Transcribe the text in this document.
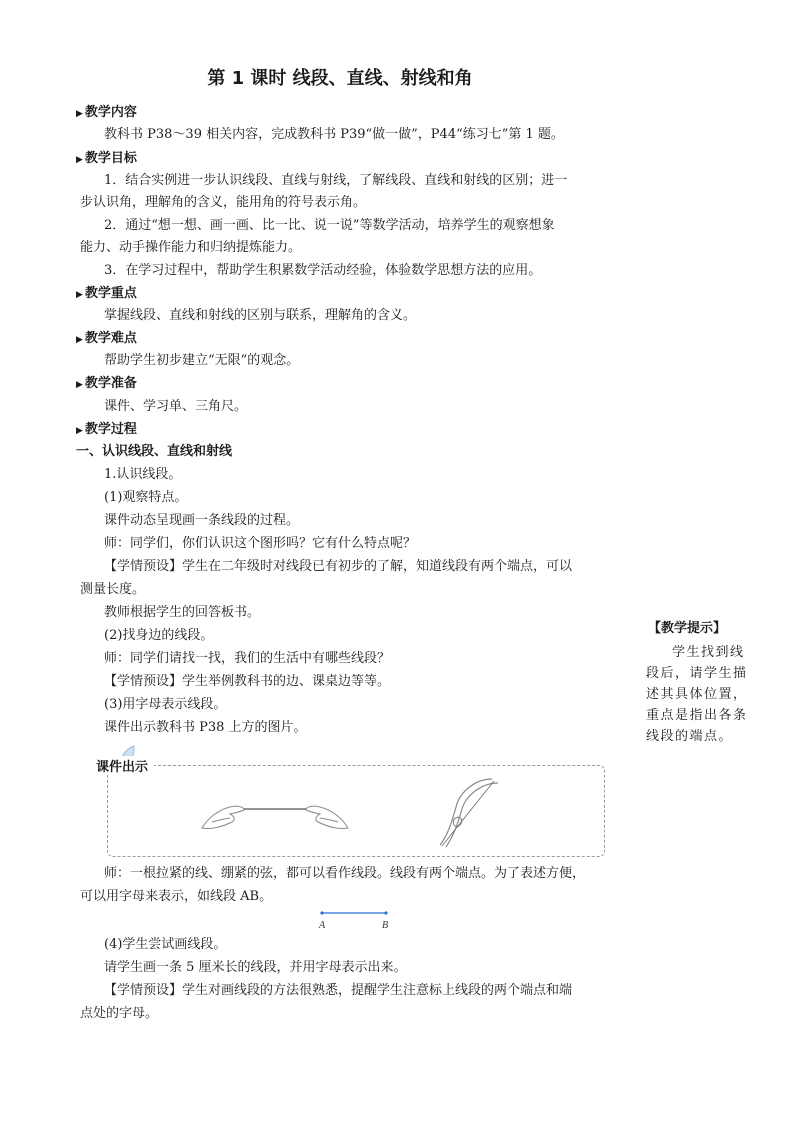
第 1 课时 线段、直线、射线和角
▶ 教学内容
教科书 P38～39 相关内容，完成教科书 P39“做一做”，P44“练习七”第 1 题。
▶ 教学目标
1．结合实例进一步认识线段、直线与射线，了解线段、直线和射线的区别；进一
步认识角，理解角的含义，能用角的符号表示角。
2．通过“想一想、画一画、比一比、说一说”等数学活动，培养学生的观察想象
能力、动手操作能力和归纳提炼能力。
3．在学习过程中，帮助学生积累数学活动经验，体验数学思想方法的应用。
▶ 教学重点
掌握线段、直线和射线的区别与联系，理解角的含义。
▶ 教学难点
帮助学生初步建立“无限”的观念。
▶ 教学准备
课件、学习单、三角尺。
▶ 教学过程
一、认识线段、直线和射线
1.认识线段。
(1)观察特点。
课件动态呈现画一条线段的过程。
师：同学们，你们认识这个图形吗？它有什么特点呢？
【学情预设】学生在二年级时对线段已有初步的了解，知道线段有两个端点，可以
测量长度。
教师根据学生的回答板书。
(2)找身边的线段。
师：同学们请找一找，我们的生活中有哪些线段？
【学情预设】学生举例教科书的边、课桌边等等。
(3)用字母表示线段。
课件出示教科书 P38 上方的图片。
【教学提示】
学生找到线段后，请学生描述其具体位置，重点是指出各条线段的端点。
课件出示
师：一根拉紧的线、绷紧的弦，都可以看作线段。线段有两个端点。为了表述方便，
可以用字母来表示，如线段 AB。
A	B
(4)学生尝试画线段。
请学生画一条 5 厘米长的线段，并用字母表示出来。
【学情预设】学生对画线段的方法很熟悉，提醒学生注意标上线段的两个端点和端
点处的字母。
